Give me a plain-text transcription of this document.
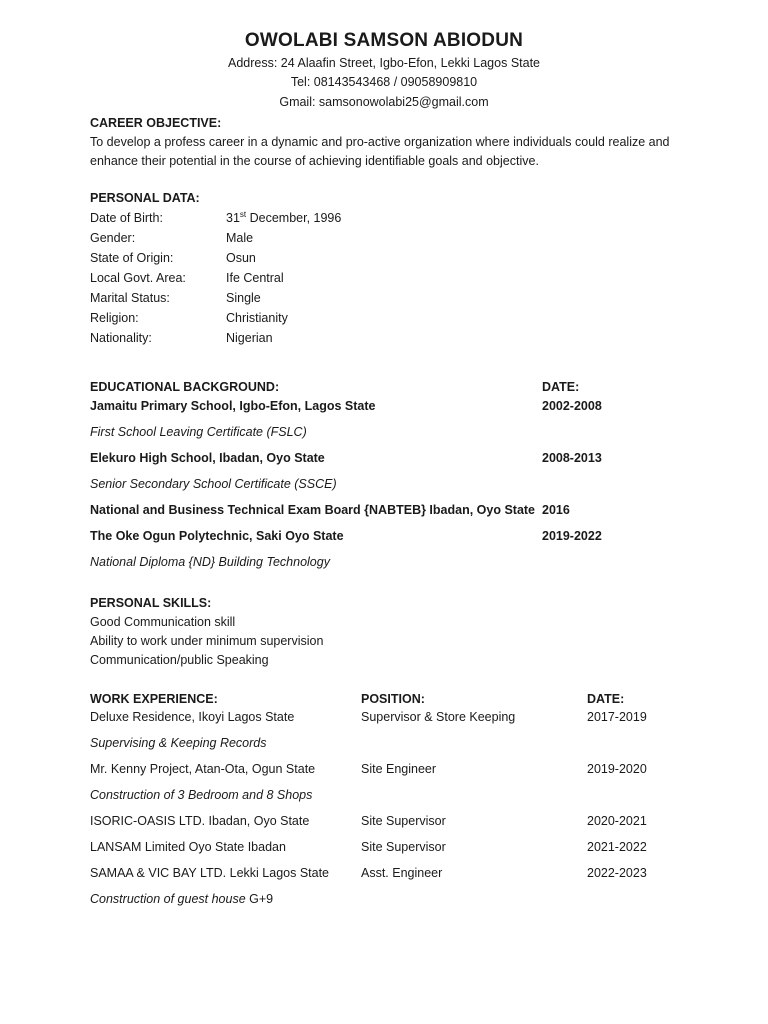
OWOLABI SAMSON ABIODUN
Address: 24 Alaafin Street, Igbo-Efon, Lekki Lagos State
Tel: 08143543468 / 09058909810
Gmail: samsonowolabi25@gmail.com
CAREER OBJECTIVE:
To develop a profess career in a dynamic and pro-active organization where individuals could realize and enhance their potential in the course of achieving identifiable goals and objective.
PERSONAL DATA:
Date of Birth:	31st December, 1996
Gender:	Male
State of Origin:	Osun
Local Govt. Area:	Ife Central
Marital Status:	Single
Religion:	Christianity
Nationality:	Nigerian
EDUCATIONAL BACKGROUND:	DATE:
Jamaitu Primary School, Igbo-Efon, Lagos State	2002-2008
First School Leaving Certificate (FSLC)
Elekuro High School, Ibadan, Oyo State	2008-2013
Senior Secondary School Certificate (SSCE)
National and Business Technical Exam Board {NABTEB} Ibadan, Oyo State 2016
The Oke Ogun Polytechnic, Saki Oyo State	2019-2022
National Diploma {ND} Building Technology
PERSONAL SKILLS:
Good Communication skill
Ability to work under minimum supervision
Communication/public Speaking
WORK EXPERIENCE:	POSITION:	DATE:
Deluxe Residence, Ikoyi Lagos State	Supervisor & Store Keeping	2017-2019
Supervising & Keeping Records
Mr. Kenny Project, Atan-Ota, Ogun State	Site Engineer	2019-2020
Construction of 3 Bedroom and 8 Shops
ISORIC-OASIS LTD. Ibadan, Oyo State	Site Supervisor	2020-2021
LANSAM Limited Oyo State Ibadan	Site Supervisor	2021-2022
SAMAA & VIC BAY LTD. Lekki Lagos State	Asst. Engineer	2022-2023
Construction of guest house G+9
